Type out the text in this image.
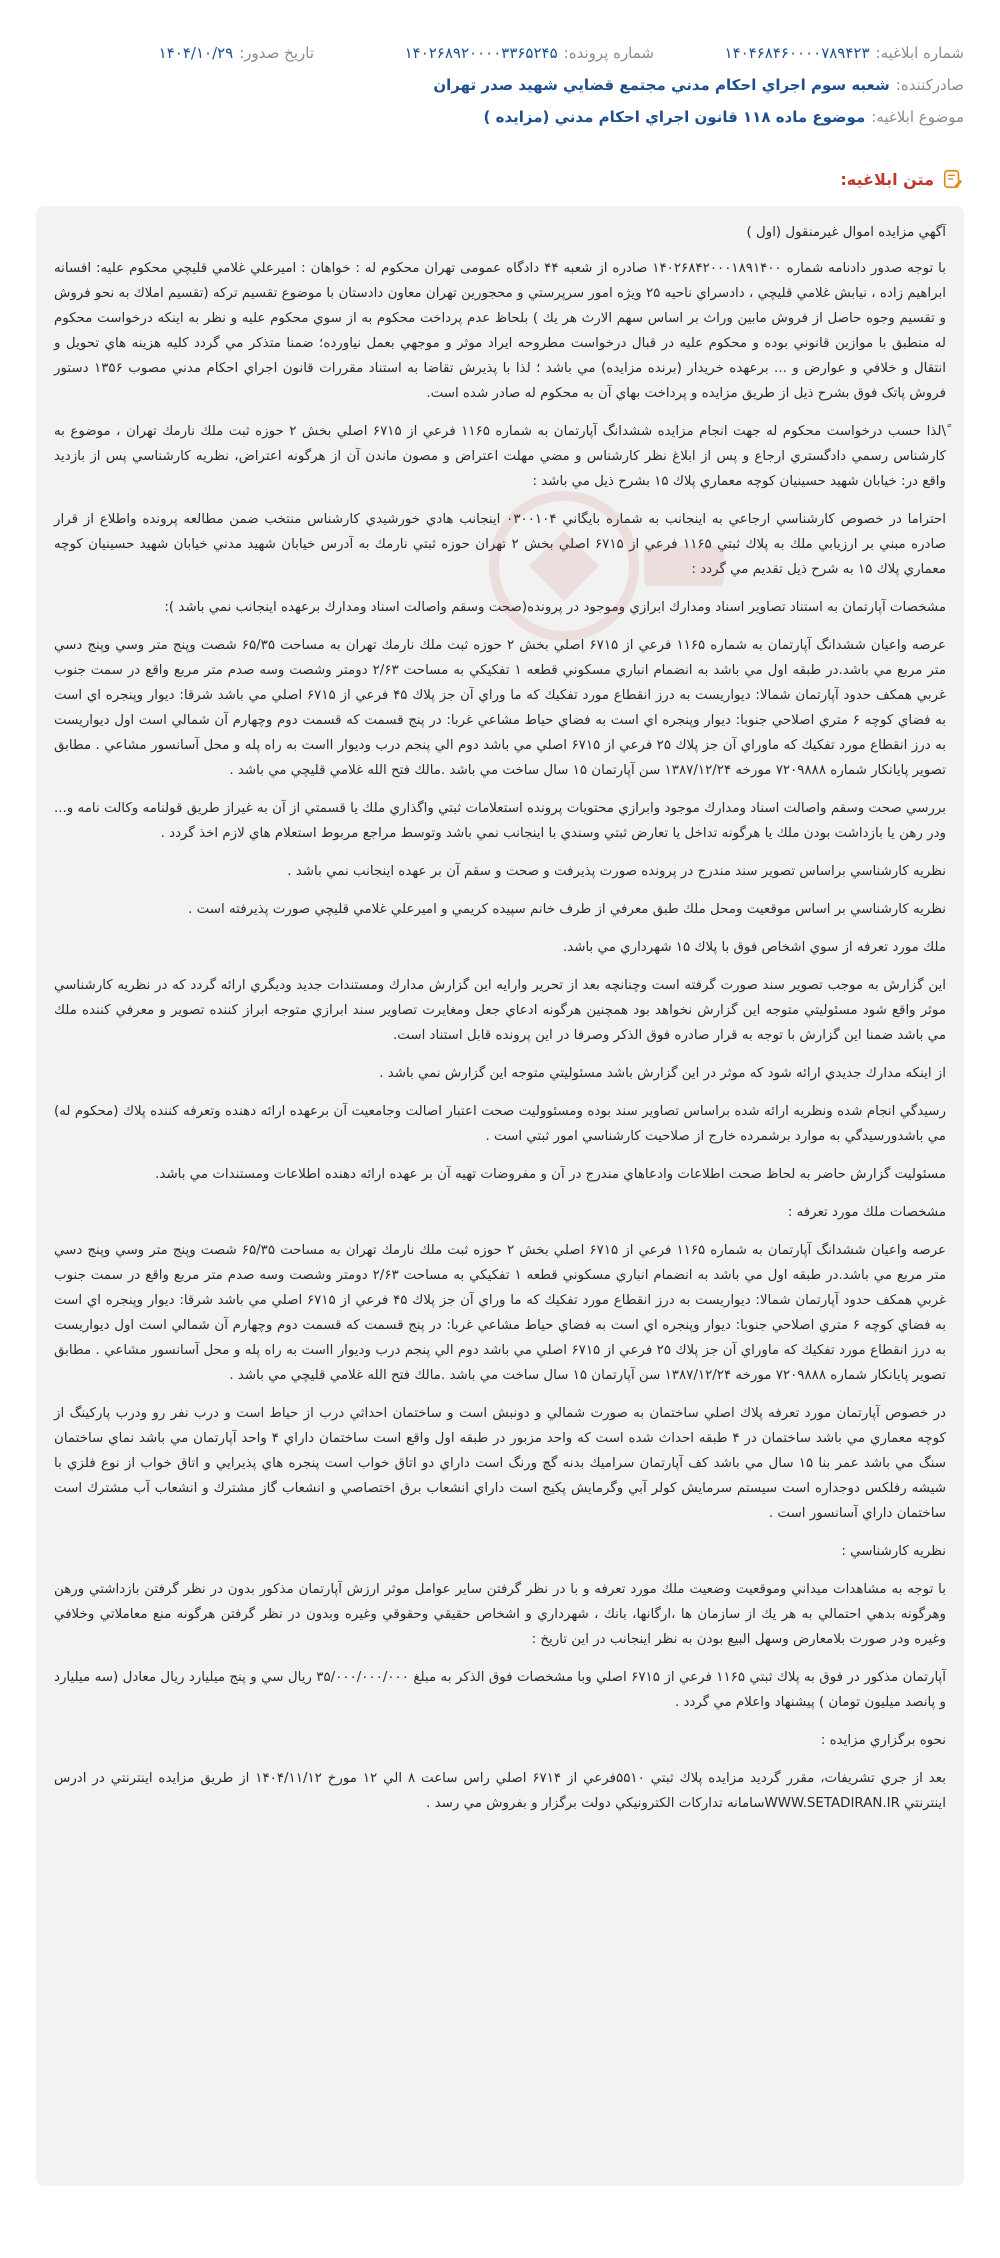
شماره ابلاغیه:
۱۴۰۴۶۸۴۶۰۰۰۰۷۸۹۴۲۳
شماره پرونده:
۱۴۰۲۶۸۹۲۰۰۰۰۳۳۶۵۲۴۵
تاریخ صدور:
۱۴۰۴/۱۰/۲۹
صادرکننده:
شعبه سوم اجراي احكام مدني مجتمع قضايي شهيد صدر تهران
موضوع ابلاغیه:
موضوع ماده ۱۱۸ قانون اجراي احكام مدني (مزايده )
متن ابلاغیه:

آگهي مزايده اموال غيرمنقول (اول )

با توجه صدور دادنامه شماره ۱۴۰۲۶۸۴۲۰۰۰۱۸۹۱۴۰۰ صادره از شعبه ۴۴ دادگاه عمومی تهران محکوم له : خواهان : اميرعلي غلامي قليچي محكوم عليه: افسانه ابراهيم زاده ، نيابش غلامي قليچي ، دادسراي ناحيه ۲۵ ويژه امور سرپرستي و محجورين تهران معاون دادستان با موضوع تقسيم تركه (تقسيم املاك به نحو فروش و تقسيم وجوه حاصل از فروش مابين وراث بر اساس سهم الارث هر يك ) بلحاظ عدم پرداخت محكوم به از سوي محكوم عليه و نظر به اينكه درخواست محكوم له منطبق با موازين قانوني بوده و محكوم عليه در قبال درخواست مطروحه ايراد موثر و موجهي بعمل نياورده؛ ضمنا متذكر مي گردد كليه هزينه هاي تحويل و انتقال و خلافي و عوارض و ... برعهده خريدار (برنده مزايده) مي باشد ؛ لذا با پذيرش تقاضا به استناد مقررات قانون اجراي احكام مدني مصوب ۱۳۵۶ دستور فروش پاتک فوق بشرح ذيل از طريق مزايده و پرداخت بهاي آن به محكوم له صادر شده است.

ً\لذا حسب درخواست محكوم له جهت انجام مزايده ششدانگ آپارتمان به شماره ۱۱۶۵ فرعي از ۶۷۱۵ اصلي بخش ۲ حوزه ثبت ملك نارمك تهران ، موضوع به كارشناس رسمي دادگستري ارجاع و پس از ابلاغ نظر كارشناس و مضي مهلت اعتراض و مصون ماندن آن از هرگونه اعتراض، نظريه كارشناسي پس از بازديد واقع در: خيابان شهيد حسينيان كوچه معماري پلاك ۱۵ بشرح ذيل مي باشد :

احتراما در خصوص كارشناسي ارجاعي به اينجانب به شماره بايگاني ۰۳۰۰۱۰۴ اينجانب هادي خورشيدي كارشناس منتخب ضمن مطالعه پرونده واطلاع از قرار صادره مبني بر ارزيابي ملك به پلاك ثبتي ۱۱۶۵ فرعي از ۶۷۱۵ اصلي بخش ۲ تهران حوزه ثبتي نارمك به آدرس خيابان شهيد مدني خيابان شهيد حسينيان كوچه معماري پلاك ۱۵ به شرح ذيل تقديم مي گردد :

مشخصات آپارتمان به استناد تصاوير اسناد ومدارك ابرازي وموجود در پرونده(صحت وسقم واصالت اسناد ومدارك برعهده اينجانب نمي باشد ):

عرصه واعيان ششدانگ آپارتمان به شماره ۱۱۶۵ فرعي از ۶۷۱۵ اصلي بخش ۲ حوزه ثبت ملك نارمك تهران به مساحت ۶۵/۳۵ شصت وپنج متر وسي وپنج دسي متر مربع مي باشد.در طبقه اول مي باشد به انضمام انباري مسكوني قطعه ۱ تفكيكي به مساحت ۲/۶۳ دومتر وشصت وسه صدم متر مربع واقع در سمت جنوب غربي همكف حدود آپارتمان شمالا: ديواريست به درز انقطاع مورد تفكيك كه ما وراي آن جز پلاك ۴۵ فرعي از ۶۷۱۵ اصلي مي باشد شرقا: ديوار وپنجره اي است به فضاي كوچه ۶ متري اصلاحي جنوبا: ديوار وپنجره اي است به فضاي حياط مشاعي غربا: در پنج قسمت كه قسمت دوم وچهارم آن شمالي است اول ديواريست به درز انقطاع مورد تفكيك كه ماوراي آن جز پلاك ۲۵ فرعي از ۶۷۱۵ اصلي مي باشد دوم الي پنجم درب وديوار ااست به راه پله و محل آسانسور مشاعي . مطابق تصوير پايانكار شماره ۷۲۰۹۸۸۸ مورخه ۱۳۸۷/۱۲/۲۴ سن آپارتمان ۱۵ سال ساخت مي باشد .مالك فتح الله غلامي قليچي مي باشد .

بررسي صحت وسقم واصالت اسناد ومدارك موجود وابرازي محتويات پرونده استعلامات ثبتي واگذاري ملك يا قسمتي از آن به غيراز طريق قولنامه وكالت نامه و... ودر رهن يا بازداشت بودن ملك يا هرگونه تداخل يا تعارض ثبتي وسندي با اينجانب نمي باشد وتوسط مراجع مربوط استعلام هاي لازم اخذ گردد .

نظريه كارشناسي براساس تصوير سند مندرج در پرونده صورت پذيرفت و صحت و سقم آن بر عهده اينجانب نمي باشد .

نظريه كارشناسي بر اساس موقعيت ومحل ملك طبق معرفي از طرف خانم سپيده كريمي و اميرعلي غلامي قليچي صورت پذيرفته است .

ملك مورد تعرفه از سوي اشخاص فوق با پلاك ۱۵ شهرداري مي باشد.

اين گزارش به موجب تصوير سند صورت گرفته است وچنانچه بعد از تحرير وارايه اين گزارش مدارك ومستندات جديد وديگري ارائه گردد كه در نظريه كارشناسي موثر واقع شود مسئوليتي متوجه اين گزارش نخواهد بود همچنين هرگونه ادعاي جعل ومغايرت تصاوير سند ابرازي متوجه ابراز كننده تصوير و معرفي كننده ملك مي باشد ضمنا اين گزارش با توجه به قرار صادره فوق الذكر وصرفا در اين پرونده قابل استناد است.

از اينكه مدارك جديدي ارائه شود كه موثر در اين گزارش باشد مسئوليتي متوجه اين گزارش نمي باشد .

رسيدگي انجام شده ونظريه ارائه شده براساس تصاوير سند بوده ومسئووليت صحت اعتبار اصالت وجامعيت آن برعهده ارائه دهنده وتعرفه كننده پلاك (محكوم له) مي باشدورسيدگي به موارد برشمرده خارج از صلاحيت كارشناسي امور ثبتي است .

مسئوليت گزارش حاضر به لحاظ صحت اطلاعات وادعاهاي مندرج در آن و مفروضات تهيه آن بر عهده ارائه دهنده اطلاعات ومستندات مي باشد.

مشخصات ملك مورد تعرفه :

عرصه واعيان ششدانگ آپارتمان به شماره ۱۱۶۵ فرعي از ۶۷۱۵ اصلي بخش ۲ حوزه ثبت ملك نارمك تهران به مساحت ۶۵/۳۵ شصت وپنج متر وسي وپنج دسي متر مربع مي باشد.در طبقه اول مي باشد به انضمام انباري مسكوني قطعه ۱ تفكيكي به مساحت ۲/۶۳ دومتر وشصت وسه صدم متر مربع واقع در سمت جنوب غربي همكف حدود آپارتمان شمالا: ديواريست به درز انقطاع مورد تفكيك كه ما وراي آن جز پلاك ۴۵ فرعي از ۶۷۱۵ اصلي مي باشد شرقا: ديوار وپنجره اي است به فضاي كوچه ۶ متري اصلاحي جنوبا: ديوار وپنجره اي است به فضاي حياط مشاعي غربا: در پنج قسمت كه قسمت دوم وچهارم آن شمالي است اول ديواريست به درز انقطاع مورد تفكيك كه ماوراي آن جز پلاك ۲۵ فرعي از ۶۷۱۵ اصلي مي باشد دوم الي پنجم درب وديوار ااست به راه پله و محل آسانسور مشاعي . مطابق تصوير پايانكار شماره ۷۲۰۹۸۸۸ مورخه ۱۳۸۷/۱۲/۲۴ سن آپارتمان ۱۵ سال ساخت مي باشد .مالك فتح الله غلامي قليچي مي باشد .

در خصوص آپارتمان مورد تعرفه پلاك اصلي ساختمان به صورت شمالي و دونبش است و ساختمان احداثي درب از حياط است و درب نفر رو ودرب پاركينگ از كوچه معماري مي باشد ساختمان در ۴ طبقه احداث شده است كه واحد مزبور در طبقه اول واقع است ساختمان داراي ۴ واحد آپارتمان مي باشد نماي ساختمان سنگ مي باشد عمر بنا ۱۵ سال مي باشد كف آپارتمان سراميك بدنه گچ ورنگ است داراي دو اتاق خواب است پنجره هاي پذيرايي و اتاق خواب از نوع فلزي با شيشه رفلكس دوجداره است سيستم سرمايش كولر آبي وگرمايش پكيج است داراي انشعاب برق اختصاصي و انشعاب گاز مشترك و انشعاب آب مشترك است ساختمان داراي آسانسور است .

نظريه كارشناسي :

با توجه به مشاهدات ميداني وموقعيت وضعيت ملك مورد تعرفه و با در نظر گرفتن ساير عوامل موثر ارزش آپارتمان مذكور بدون در نظر گرفتن بازداشتي ورهن وهرگونه بدهي احتمالي به هر يك از سازمان ها ،ارگانها، بانك ، شهرداري و اشخاص حقيقي وحقوقي وغيره وبدون در نظر گرفتن هرگونه منع معاملاتي وخلافي وغيره ودر صورت بلامعارض وسهل البيع بودن به نظر اينجانب در اين تاريخ :

آپارتمان مذكور در فوق به پلاك ثبتي ۱۱۶۵ فرعي از ۶۷۱۵ اصلي وبا مشخصات فوق الذكر به مبلغ ۳۵/۰۰۰/۰۰۰/۰۰۰ ريال سي و پنج ميليارد ريال معادل (سه ميليارد و پانصد ميليون تومان ) پيشنهاد واعلام مي گردد .

نحوه برگزاري مزايده :

بعد از جري تشريفات، مقرر گرديد مزايده پلاك ثبتي ۵۵۱۰فرعي از ۶۷۱۴ اصلي راس ساعت ۸ الي ۱۲ مورخ ۱۴۰۴/۱۱/۱۲ از طريق مزايده اينترنتي در ادرس اينترنتي WWW.SETADIRAN.IRسامانه تداركات الكترونيكي دولت برگزار و بفروش مي رسد .
